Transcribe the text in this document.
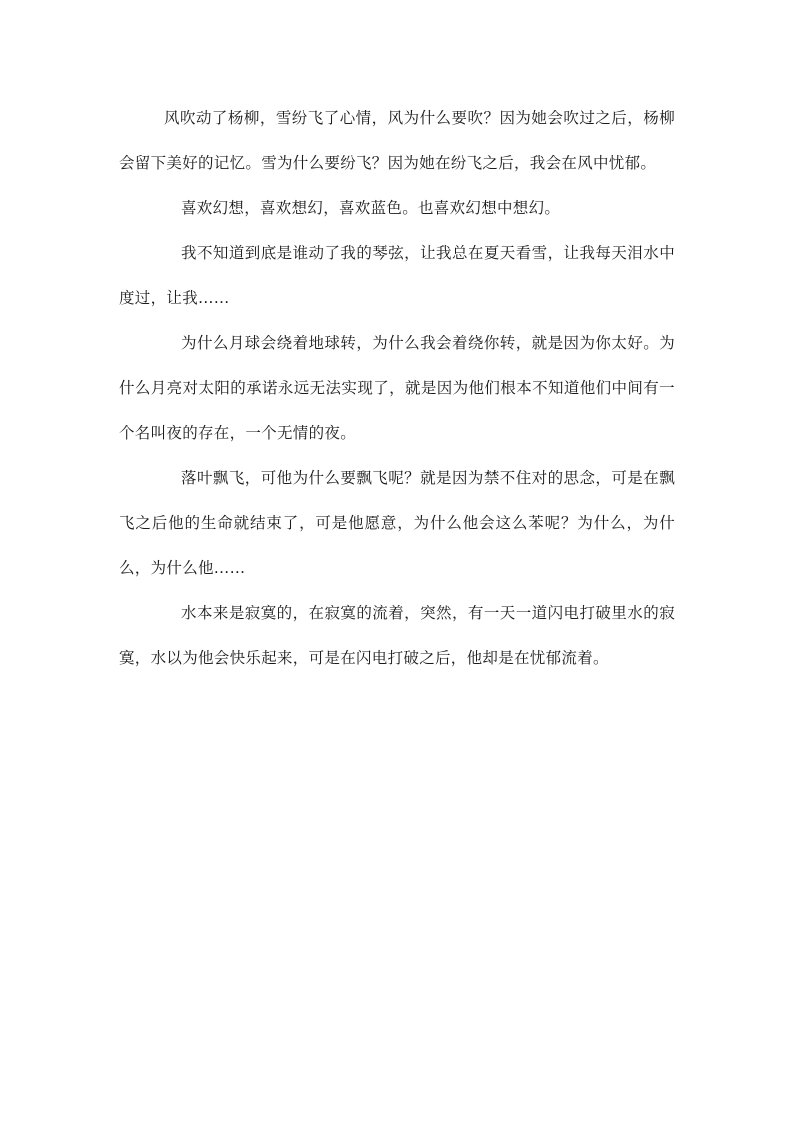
风吹动了杨柳，雪纷飞了心情，风为什么要吹？因为她会吹过之后，杨柳会留下美好的记忆。雪为什么要纷飞？因为她在纷飞之后，我会在风中忧郁。

喜欢幻想，喜欢想幻，喜欢蓝色。也喜欢幻想中想幻。

我不知道到底是谁动了我的琴弦，让我总在夏天看雪，让我每天泪水中度过，让我……

为什么月球会绕着地球转，为什么我会着绕你转，就是因为你太好。为什么月亮对太阳的承诺永远无法实现了，就是因为他们根本不知道他们中间有一个名叫夜的存在，一个无情的夜。

落叶飘飞，可他为什么要飘飞呢？就是因为禁不住对的思念，可是在飘飞之后他的生命就结束了，可是他愿意，为什么他会这么苯呢？为什么，为什么，为什么他……

水本来是寂寞的，在寂寞的流着，突然，有一天一道闪电打破里水的寂寞，水以为他会快乐起来，可是在闪电打破之后，他却是在忧郁流着。
